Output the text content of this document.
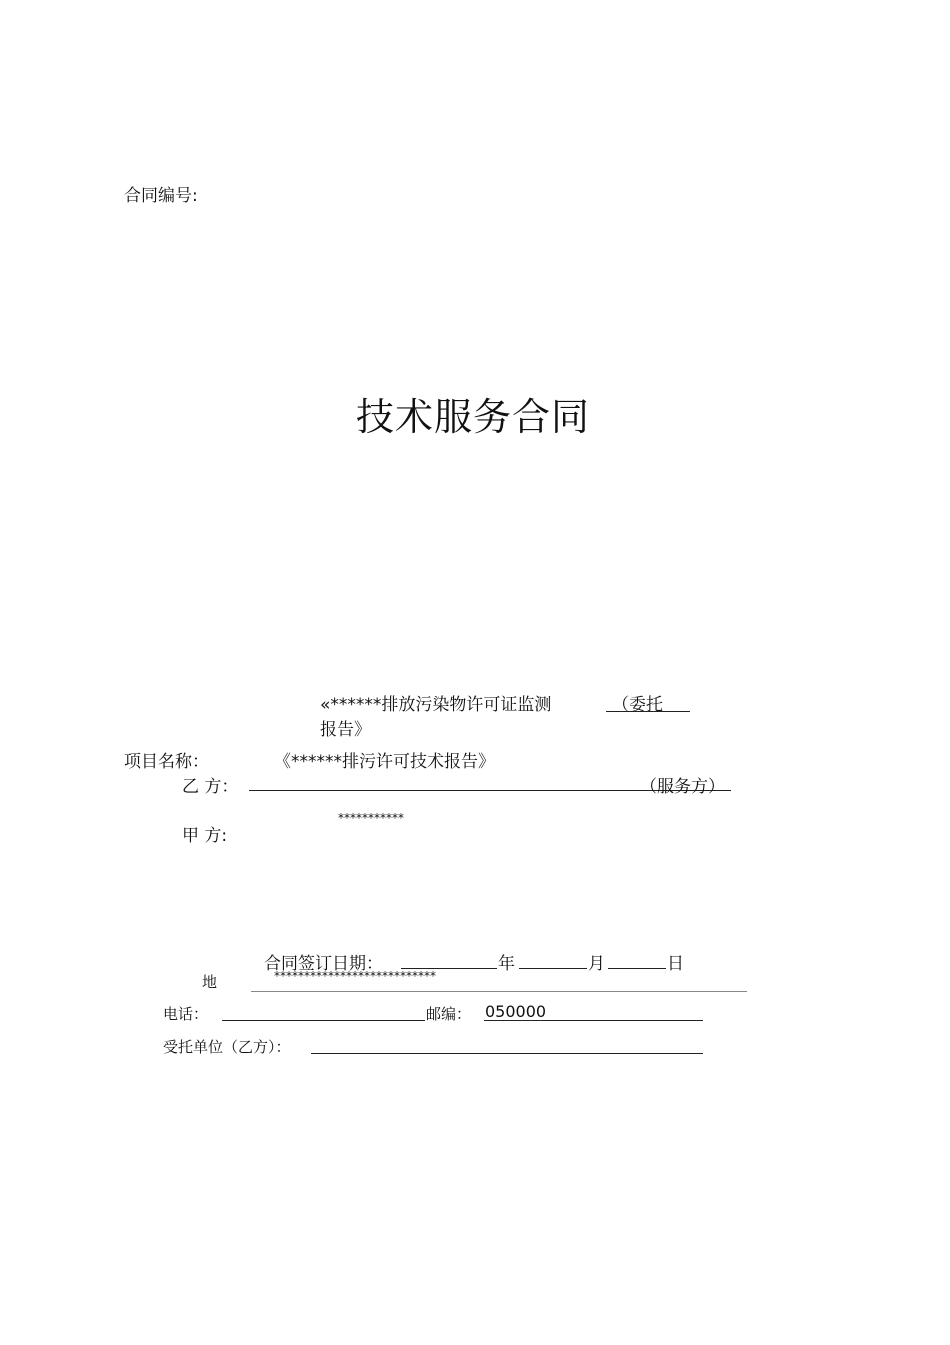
合同编号:
技术服务合同
«******排放污染物许可证监测	（委托
报告》
项目名称：	《******排污许可技术报告》
乙 方：	（服务方）
甲 方:
***********
合同签订日期：	年	月	日
地	***************************
电话：	邮编： 050000
受托单位（乙方）：
